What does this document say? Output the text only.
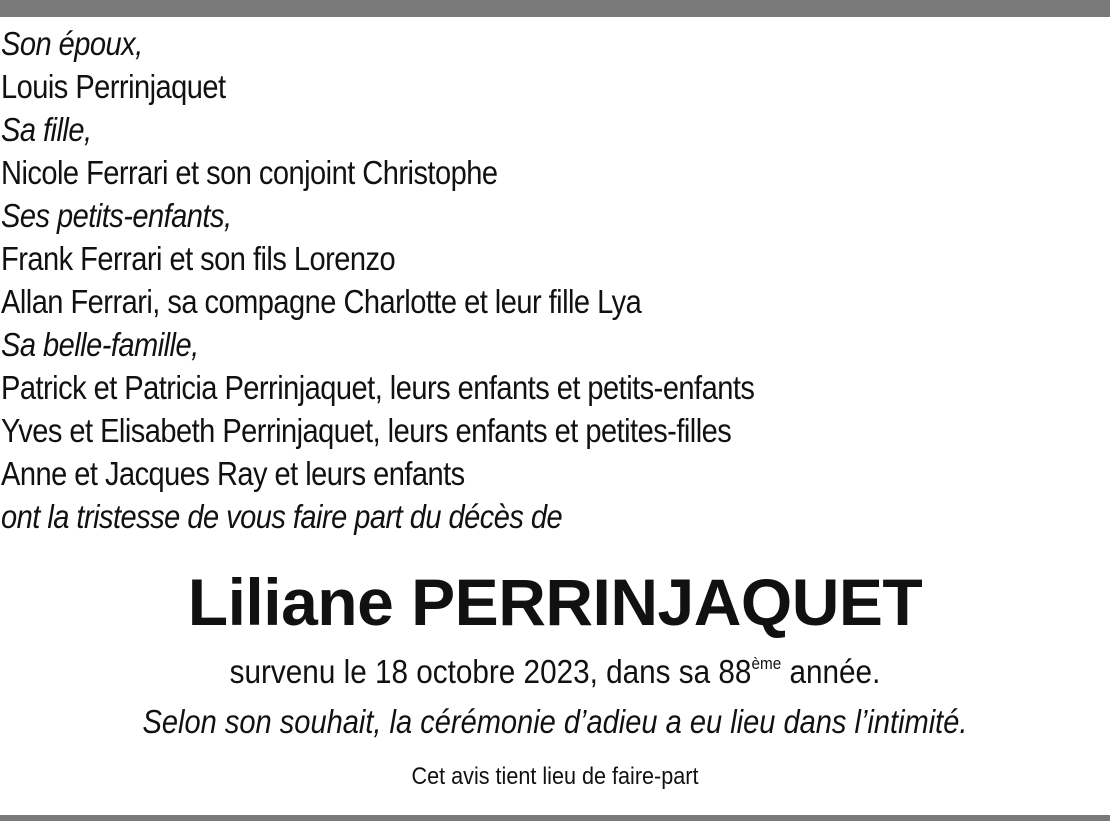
Son époux,
Louis Perrinjaquet
Sa fille,
Nicole Ferrari et son conjoint Christophe
Ses petits-enfants,
Frank Ferrari et son fils Lorenzo
Allan Ferrari, sa compagne Charlotte et leur fille Lya
Sa belle-famille,
Patrick et Patricia Perrinjaquet, leurs enfants et petits-enfants
Yves et Elisabeth Perrinjaquet, leurs enfants et petites-filles
Anne et Jacques Ray et leurs enfants
ont la tristesse de vous faire part du décès de
Liliane PERRINJAQUET
survenu le 18 octobre 2023, dans sa 88ème année.
Selon son souhait, la cérémonie d’adieu a eu lieu dans l’intimité.
Cet avis tient lieu de faire-part
